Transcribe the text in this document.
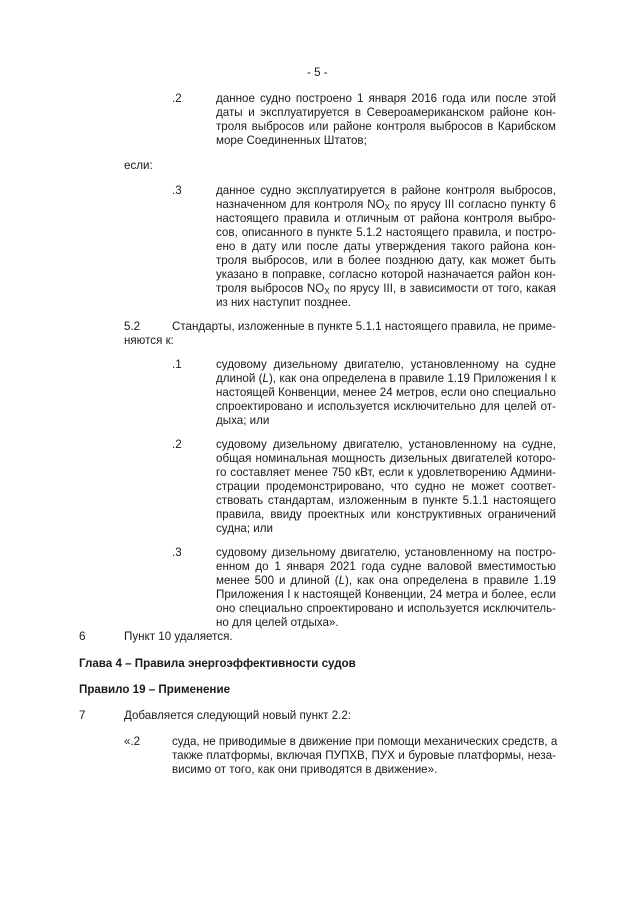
- 5 -
.2	данное судно построено 1 января 2016 года или после этой
даты и эксплуатируется в Североамериканском районе кон-
троля выбросов или районе контроля выбросов в Карибском
море Соединенных Штатов;
если:
.3	данное судно эксплуатируется в районе контроля выбросов,
назначенном для контроля $NO_X$ по ярусу III согласно пункту 6
настоящего правила и отличным от района контроля выбро-
сов, описанного в пункте 5.1.2 настоящего правила, и постро-
ено в дату или после даты утверждения такого района кон-
троля выбросов, или в более позднюю дату, как может быть
указано в поправке, согласно которой назначается район кон-
троля выбросов $NO_X$ по ярусу III, в зависимости от того, какая
из них наступит позднее.
5.2	Стандарты, изложенные в пункте 5.1.1 настоящего правила, не приме-
няются к:
.1	судовому дизельному двигателю, установленному на судне
длиной (L), как она определена в правиле 1.19 Приложения I к
настоящей Конвенции, менее 24 метров, если оно специально
спроектировано и используется исключительно для целей от-
дыха; или
.2	судовому дизельному двигателю, установленному на судне,
общая номинальная мощность дизельных двигателей которо-
го составляет менее 750 кВт, если к удовлетворению Админи-
страции продемонстрировано, что судно не может соответ-
ствовать стандартам, изложенным в пункте 5.1.1 настоящего
правила, ввиду проектных или конструктивных ограничений
судна; или
.3	судовому дизельному двигателю, установленному на постро-
енном до 1 января 2021 года судне валовой вместимостью
менее 500 и длиной (L), как она определена в правиле 1.19
Приложения I к настоящей Конвенции, 24 метра и более, если
оно специально спроектировано и используется исключитель-
но для целей отдыха».
6	Пункт 10 удаляется.
Глава 4 – Правила энергоэффективности судов
Правило 19 – Применение
7	Добавляется следующий новый пункт 2.2:
«.2	суда, не приводимые в движение при помощи механических средств, а
также платформы, включая ПУПХВ, ПУХ и буровые платформы, неза-
висимо от того, как они приводятся в движение».
